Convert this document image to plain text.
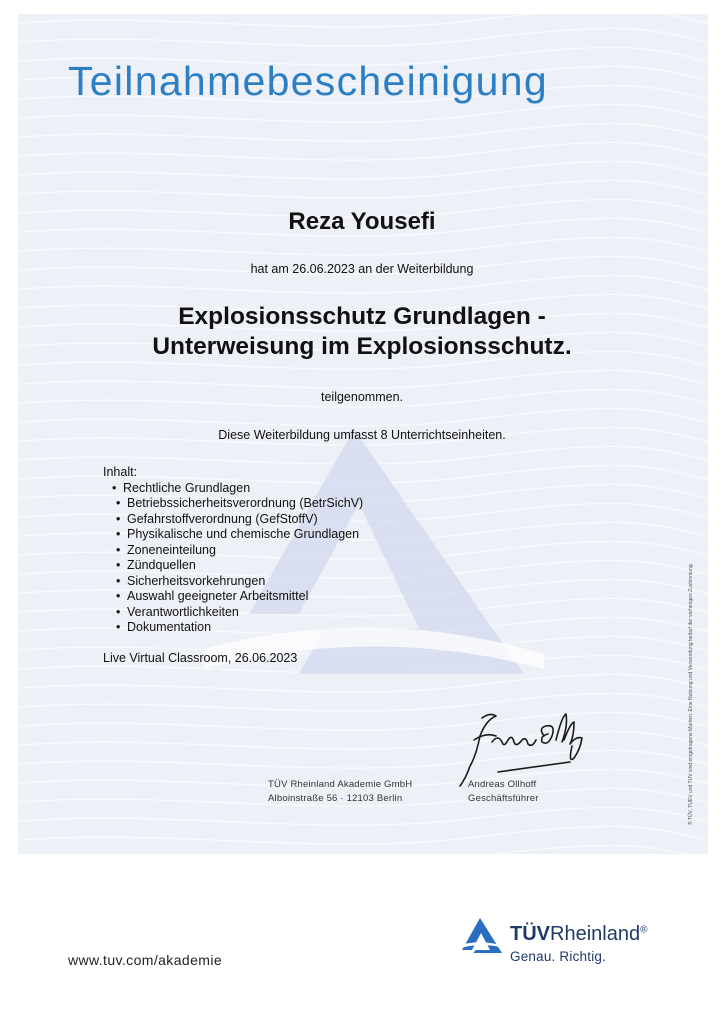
Teilnahmebescheinigung
Reza Yousefi
hat am 26.06.2023 an der Weiterbildung
Explosionsschutz Grundlagen -
Unterweisung im Explosionsschutz.
teilgenommen.
Diese Weiterbildung umfasst 8 Unterrichtseinheiten.
Inhalt:
• Rechtliche Grundlagen
• Betriebssicherheitsverordnung (BetrSichV)
• Gefahrstoffverordnung (GefStoffV)
• Physikalische und chemische Grundlagen
• Zoneneinteilung
• Zündquellen
• Sicherheitsvorkehrungen
• Auswahl geeigneter Arbeitsmittel
• Verantwortlichkeiten
• Dokumentation
Live Virtual Classroom, 26.06.2023
TÜV Rheinland Akademie GmbH
Alboinstraße 56 · 12103 Berlin
Andreas Ollhoff
Geschäftsführer	® TÜV, TUEV und TUV sind eingetragene Marken. Eine Nutzung und Verwendung bedarf der vorherigen Zustimmung.
www.tuv.com/akademie
TÜVRheinland®
Genau. Richtig.
